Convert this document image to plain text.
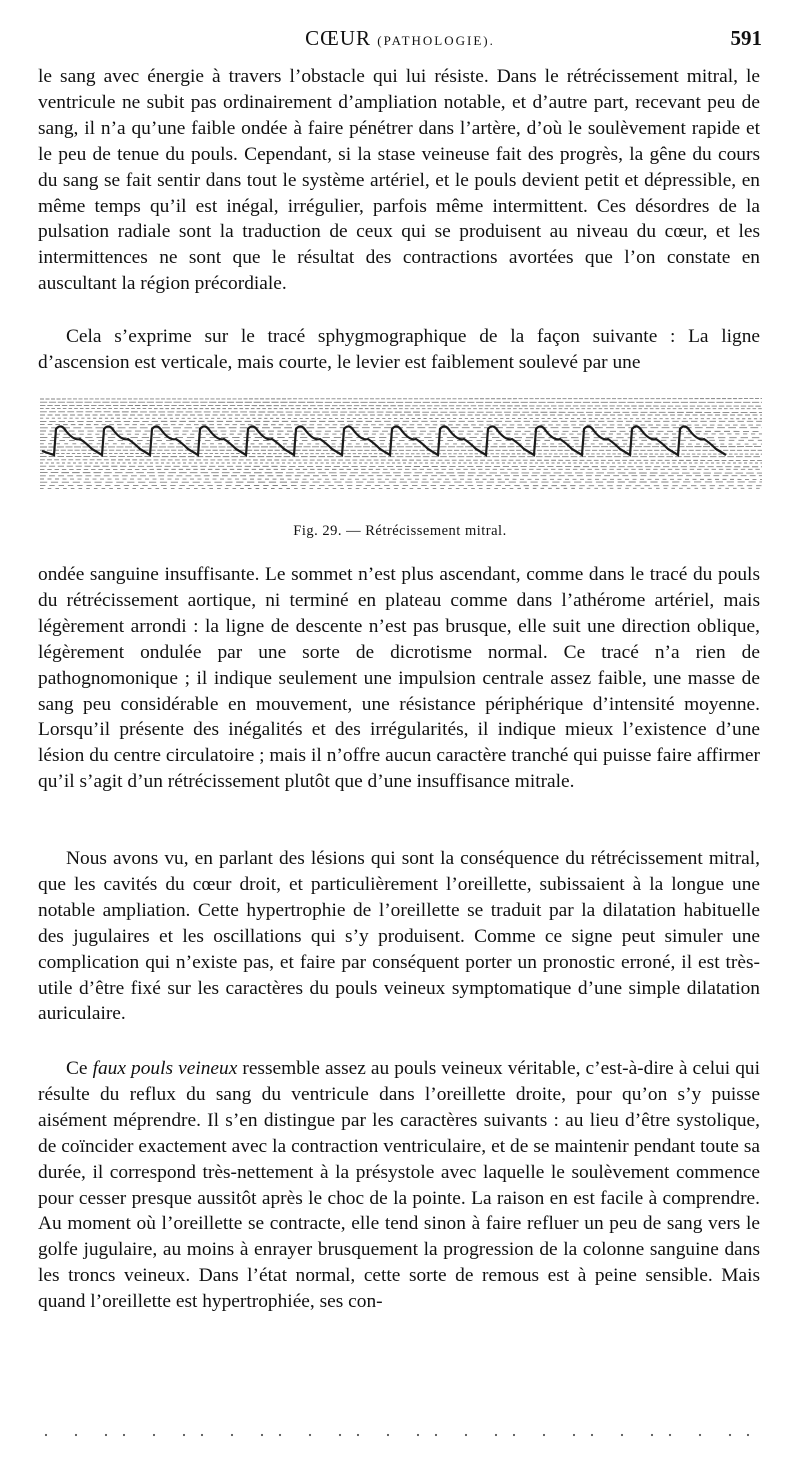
CŒUR (PATHOLOGIE).	591

le sang avec énergie à travers l’obstacle qui lui résiste. Dans le rétrécissement mitral, le ventricule ne subit pas ordinairement d’ampliation notable, et d’autre part, recevant peu de sang, il n’a qu’une faible ondée à faire pénétrer dans l’artère, d’où le soulèvement rapide et le peu de tenue du pouls. Cependant, si la stase veineuse fait des progrès, la gêne du cours du sang se fait sentir dans tout le système artériel, et le pouls devient petit et dépressible, en même temps qu’il est inégal, irrégulier, parfois même intermittent. Ces désordres de la pulsation radiale sont la traduction de ceux qui se produisent au niveau du cœur, et les intermittences ne sont que le résultat des contractions avortées que l’on constate en auscultant la région précordiale.

Cela s’exprime sur le tracé sphygmographique de la façon suivante : La ligne d’ascension est verticale, mais courte, le levier est faiblement soulevé par une

Fig. 29. — Rétrécissement mitral.

ondée sanguine insuffisante. Le sommet n’est plus ascendant, comme dans le tracé du pouls du rétrécissement aortique, ni terminé en plateau comme dans l’athérome artériel, mais légèrement arrondi : la ligne de descente n’est pas brusque, elle suit une direction oblique, légèrement ondulée par une sorte de dicrotisme normal. Ce tracé n’a rien de pathognomonique ; il indique seulement une impulsion centrale assez faible, une masse de sang peu considérable en mouvement, une résistance périphérique d’intensité moyenne. Lorsqu’il présente des inégalités et des irrégularités, il indique mieux l’existence d’une lésion du centre circulatoire ; mais il n’offre aucun caractère tranché qui puisse faire affirmer qu’il s’agit d’un rétrécissement plutôt que d’une insuffisance mitrale.

Nous avons vu, en parlant des lésions qui sont la conséquence du rétrécissement mitral, que les cavités du cœur droit, et particulièrement l’oreillette, subissaient à la longue une notable ampliation. Cette hypertrophie de l’oreillette se traduit par la dilatation habituelle des jugulaires et les oscillations qui s’y produisent. Comme ce signe peut simuler une complication qui n’existe pas, et faire par conséquent porter un pronostic erroné, il est très-utile d’être fixé sur les caractères du pouls veineux symptomatique d’une simple dilatation auriculaire.

Ce faux pouls veineux ressemble assez au pouls veineux véritable, c’est-à-dire à celui qui résulte du reflux du sang du ventricule dans l’oreillette droite, pour qu’on s’y puisse aisément méprendre. Il s’en distingue par les caractères suivants : au lieu d’être systolique, de coïncider exactement avec la contraction ventriculaire, et de se maintenir pendant toute sa durée, il correspond très-nettement à la présystole avec laquelle le soulèvement commence pour cesser presque aussitôt après le choc de la pointe. La raison en est facile à comprendre. Au moment où l’oreillette se contracte, elle tend sinon à faire refluer un peu de sang vers le golfe jugulaire, au moins à enrayer brusquement la progression de la colonne sanguine dans les troncs veineux. Dans l’état normal, cette sorte de remous est à peine sensible. Mais quand l’oreillette est hypertrophiée, ses con-
